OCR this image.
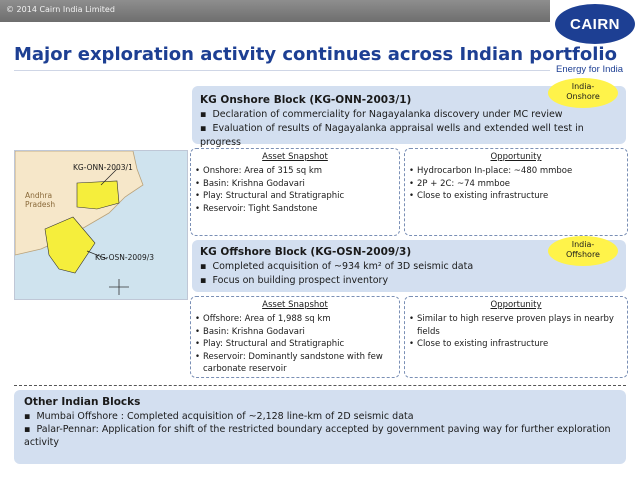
© 2014 Cairn India Limited
CAIRN
Energy for India
Major exploration activity continues across Indian portfolio
KG-ONN-2003/1
Andhra
Pradesh
KG-OSN-2009/3
KG Onshore Block (KG-ONN-2003/1)
▪ Declaration of commerciality for Nagayalanka discovery under MC review
▪ Evaluation of results of Nagayalanka appraisal wells and extended well test in progress
India-
Onshore
Asset Snapshot
• Onshore: Area of 315 sq km
• Basin: Krishna Godavari
• Play: Structural and Stratigraphic
• Reservoir: Tight Sandstone
Opportunity
• Hydrocarbon In-place: ~480 mmboe
• 2P + 2C: ~74 mmboe
• Close to existing infrastructure
KG Offshore Block (KG-OSN-2009/3)
▪ Completed acquisition of ~934 km² of 3D seismic data
▪ Focus on building prospect inventory
India-
Offshore
Asset Snapshot
• Offshore: Area of 1,988 sq km
• Basin: Krishna Godavari
• Play: Structural and Stratigraphic
• Reservoir: Dominantly sandstone with few carbonate reservoir
Opportunity
• Similar to high reserve proven plays in nearby fields
• Close to existing infrastructure
Other Indian Blocks
▪ Mumbai Offshore : Completed acquisition of ~2,128 line-km of 2D seismic data
▪ Palar-Pennar: Application for shift of the restricted boundary accepted by government paving way for further exploration activity
